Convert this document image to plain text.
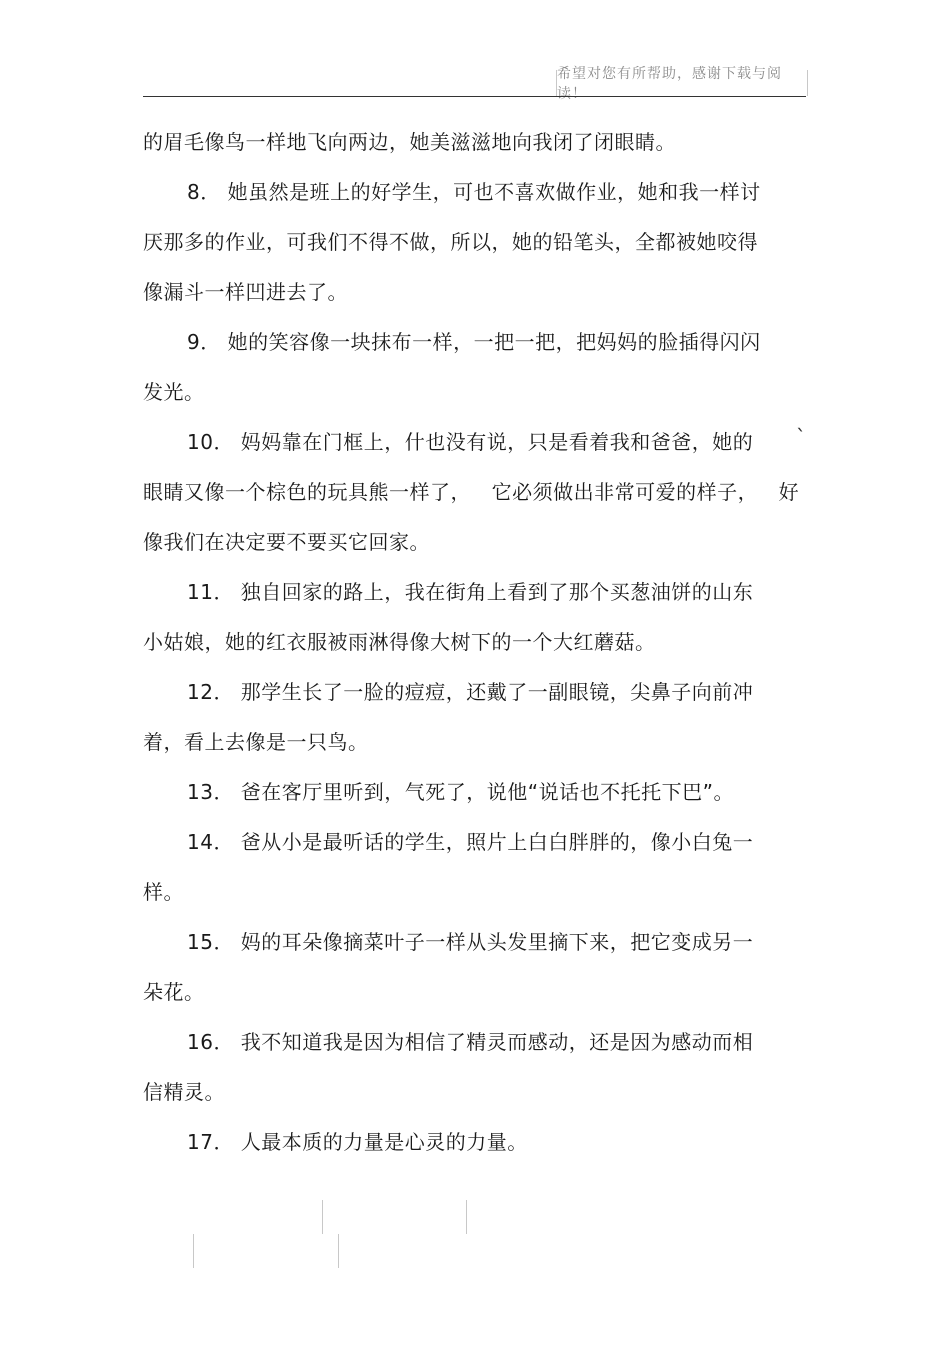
希望对您有所帮助，感谢下载与阅读！
的眉毛像鸟一样地飞向两边，她美滋滋地向我闭了闭眼睛。
8． 她虽然是班上的好学生，可也不喜欢做作业，她和我一样讨
厌那多的作业，可我们不得不做，所以，她的铅笔头，全都被她咬得
像漏斗一样凹进去了。
9． 她的笑容像一块抹布一样，一把一把，把妈妈的脸插得闪闪
发光。
10． 妈妈靠在门框上，什也没有说，只是看着我和爸爸，她的 `
眼睛又像一个棕色的玩具熊一样了，   它必须做出非常可爱的样子，   好
像我们在决定要不要买它回家。
11． 独自回家的路上，我在街角上看到了那个买葱油饼的山东
小姑娘，她的红衣服被雨淋得像大树下的一个大红蘑菇。
12． 那学生长了一脸的痘痘，还戴了一副眼镜，尖鼻子向前冲
着，看上去像是一只鸟。
13． 爸在客厅里听到，气死了，说他“说话也不托托下巴”。
14． 爸从小是最听话的学生，照片上白白胖胖的，像小白兔一
样。
15． 妈的耳朵像摘菜叶子一样从头发里摘下来，把它变成另一
朵花。
16． 我不知道我是因为相信了精灵而感动，还是因为感动而相
信精灵。
17． 人最本质的力量是心灵的力量。
